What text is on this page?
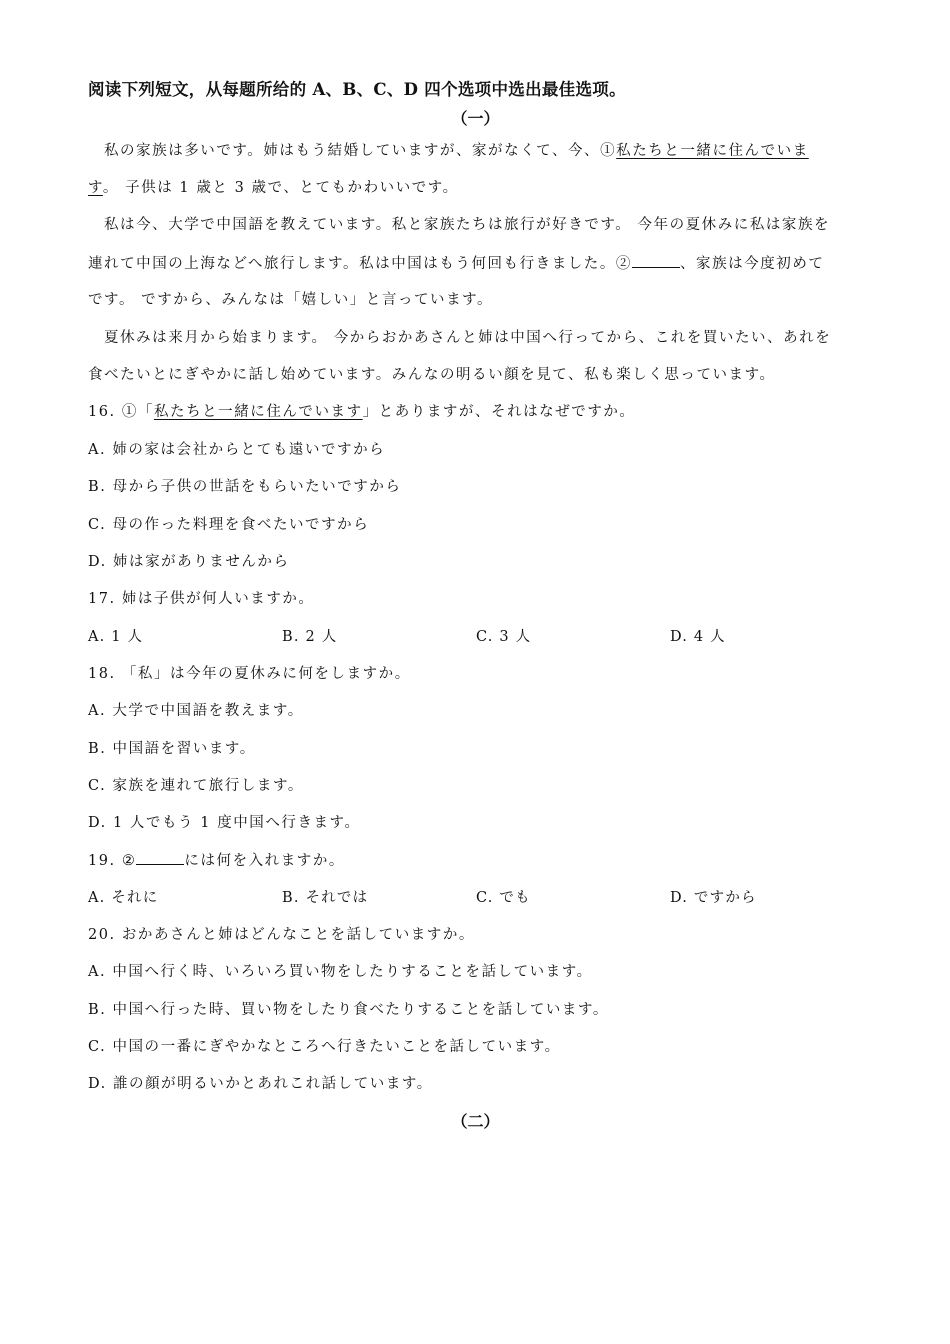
阅读下列短文，从每题所给的 A、B、C、D 四个选项中选出最佳选项。
（一）
私の家族は多いです。姉はもう結婚していますが、家がなくて、今、①私たちと一緒に住んでいま
す。 子供は 1 歳と 3 歳で、とてもかわいいです。
私は今、大学で中国語を教えています。私と家族たちは旅行が好きです。 今年の夏休みに私は家族を
連れて中国の上海などへ旅行します。私は中国はもう何回も行きました。②	、家族は今度初めて
です。 ですから、みんなは「嬉しい」と言っています。
夏休みは来月から始まります。 今からおかあさんと姉は中国へ行ってから、これを買いたい、あれを
食べたいとにぎやかに話し始めています。みんなの明るい顔を見て、私も楽しく思っています。
16. ①「私たちと一緒に住んでいます」とありますが、それはなぜですか。
A. 姉の家は会社からとても遠いですから
B. 母から子供の世話をもらいたいですから
C. 母の作った料理を食べたいですから
D. 姉は家がありませんから
17. 姉は子供が何人いますか。
A. 1 人	B. 2 人	C. 3 人	D. 4 人
18. 「私」は今年の夏休みに何をしますか。
A. 大学で中国語を教えます。
B. 中国語を習います。
C. 家族を連れて旅行します。
D. 1 人でもう 1 度中国へ行きます。
19. ②	には何を入れますか。
A. それに	B. それでは	C. でも	D. ですから
20. おかあさんと姉はどんなことを話していますか。
A. 中国へ行く時、いろいろ買い物をしたりすることを話しています。
B. 中国へ行った時、買い物をしたり食べたりすることを話しています。
C. 中国の一番にぎやかなところへ行きたいことを話しています。
D. 誰の顔が明るいかとあれこれ話しています。
（二）
